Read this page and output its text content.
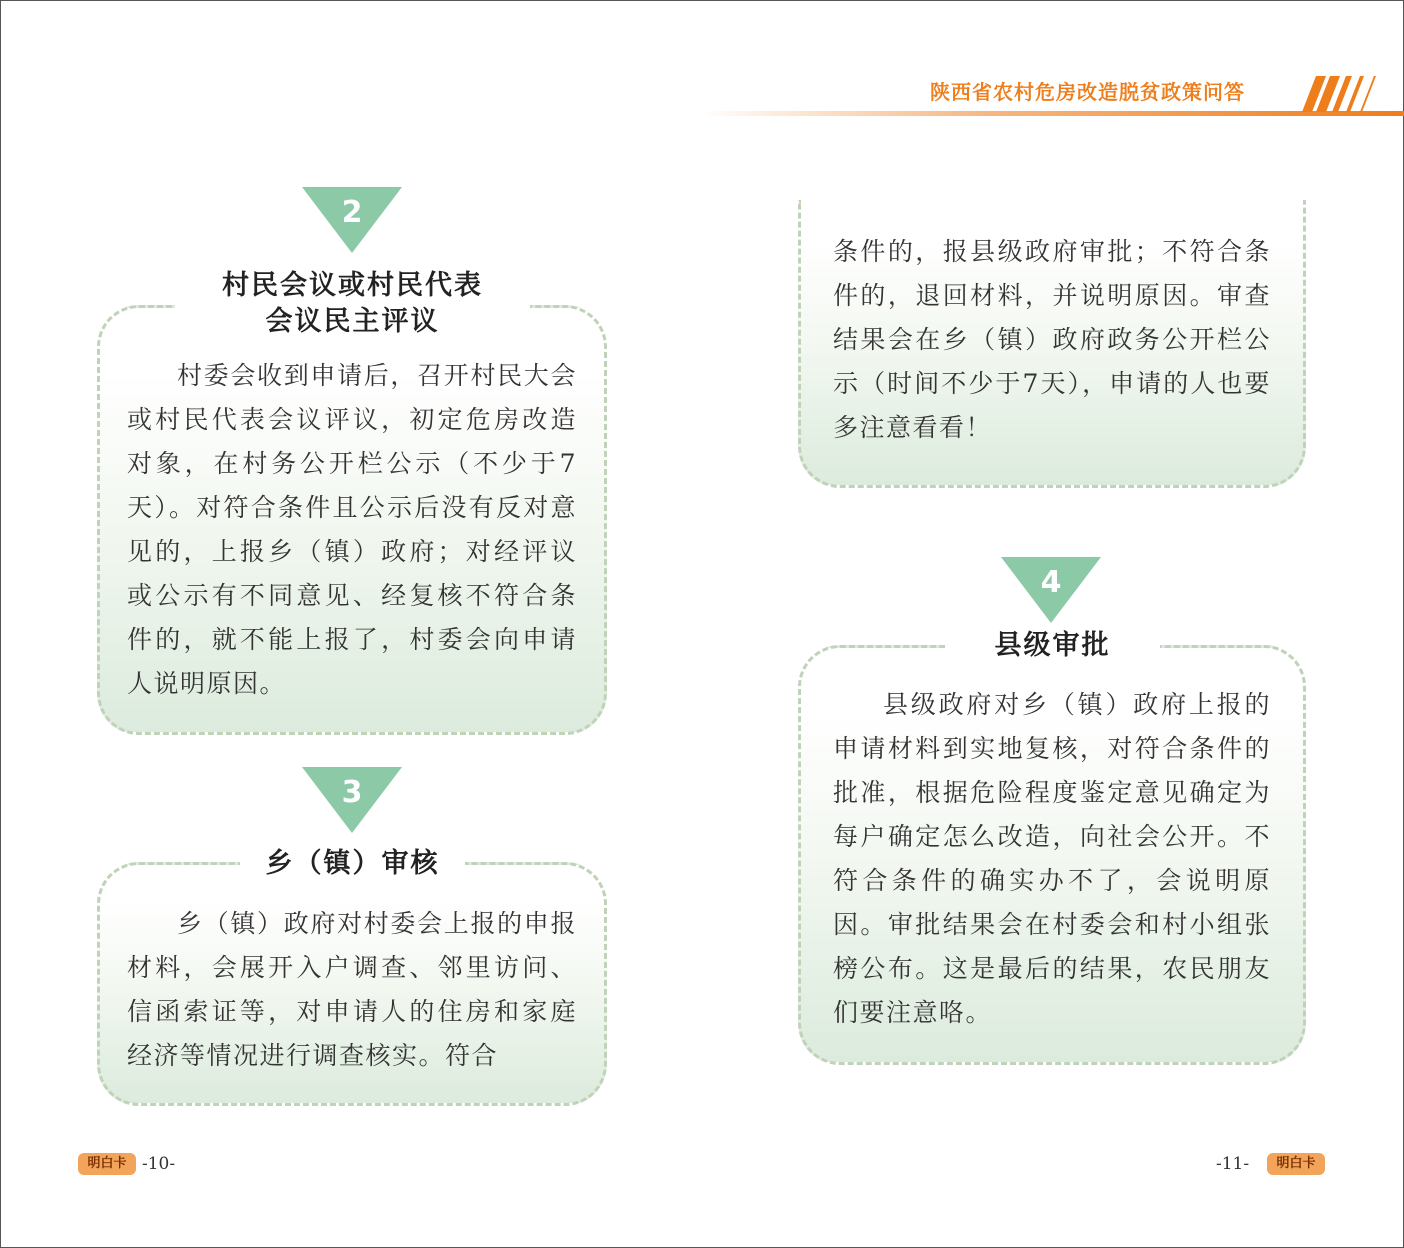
陕西省农村危房改造脱贫政策问答
2
村民会议或村民代表
会议民主评议

村委会收到申请后，召开村民大会或村民代表会议评议，初定危房改造对象，在村务公开栏公示（不少于7天）。对符合条件且公示后没有反对意见的，上报乡（镇）政府；对经评议或公示有不同意见、经复核不符合条件的，就不能上报了，村委会向申请人说明原因。

3
乡（镇）审核

乡（镇）政府对村委会上报的申报材料，会展开入户调查、邻里访问、信函索证等，对申请人的住房和家庭经济等情况进行调查核实。符合

条件的，报县级政府审批；不符合条件的，退回材料，并说明原因。审查结果会在乡（镇）政府政务公开栏公示（时间不少于7天），申请的人也要多注意看看！

4
县级审批

县级政府对乡（镇）政府上报的申请材料到实地复核，对符合条件的批准，根据危险程度鉴定意见确定为每户确定怎么改造，向社会公开。不符合条件的确实办不了，会说明原因。审批结果会在村委会和村小组张榜公布。这是最后的结果，农民朋友们要注意咯。

明白卡 -10-	-11-	明白卡
